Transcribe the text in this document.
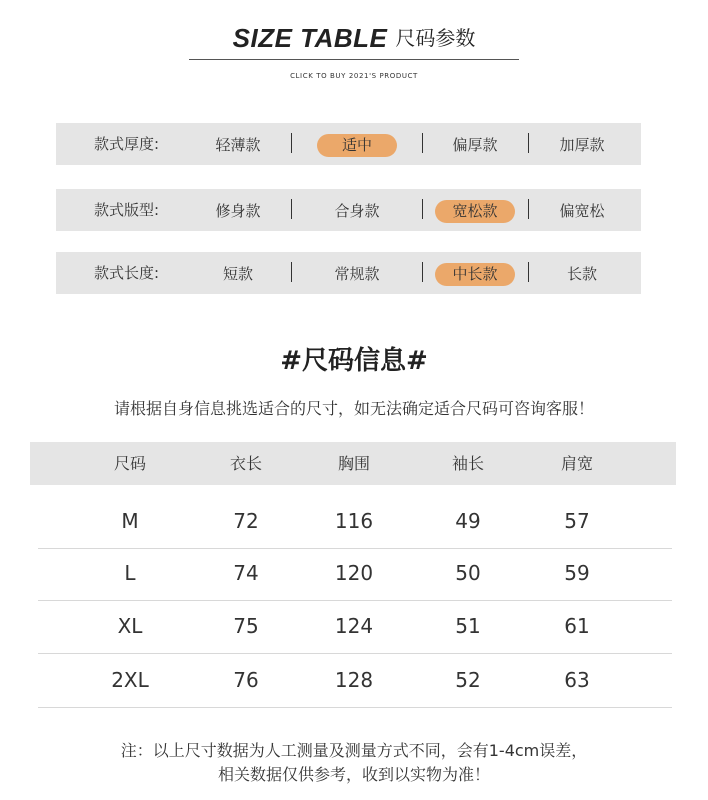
SIZE TABLE 尺码参数
CLICK TO BUY 2021'S PRODUCT
款式厚度:	轻薄款	适中	偏厚款	加厚款
款式版型:	修身款	合身款	宽松款	偏宽松
款式长度:	短款	常规款	中长款	长款
#尺码信息#
请根据自身信息挑选适合的尺寸，如无法确定适合尺码可咨询客服！
尺码	衣长	胸围	袖长	肩宽
M	72	116	49	57
L	74	120	50	59
XL	75	124	51	61
2XL	76	128	52	63
注：以上尺寸数据为人工测量及测量方式不同，会有1-4cm误差，
相关数据仅供参考，收到以实物为准！
